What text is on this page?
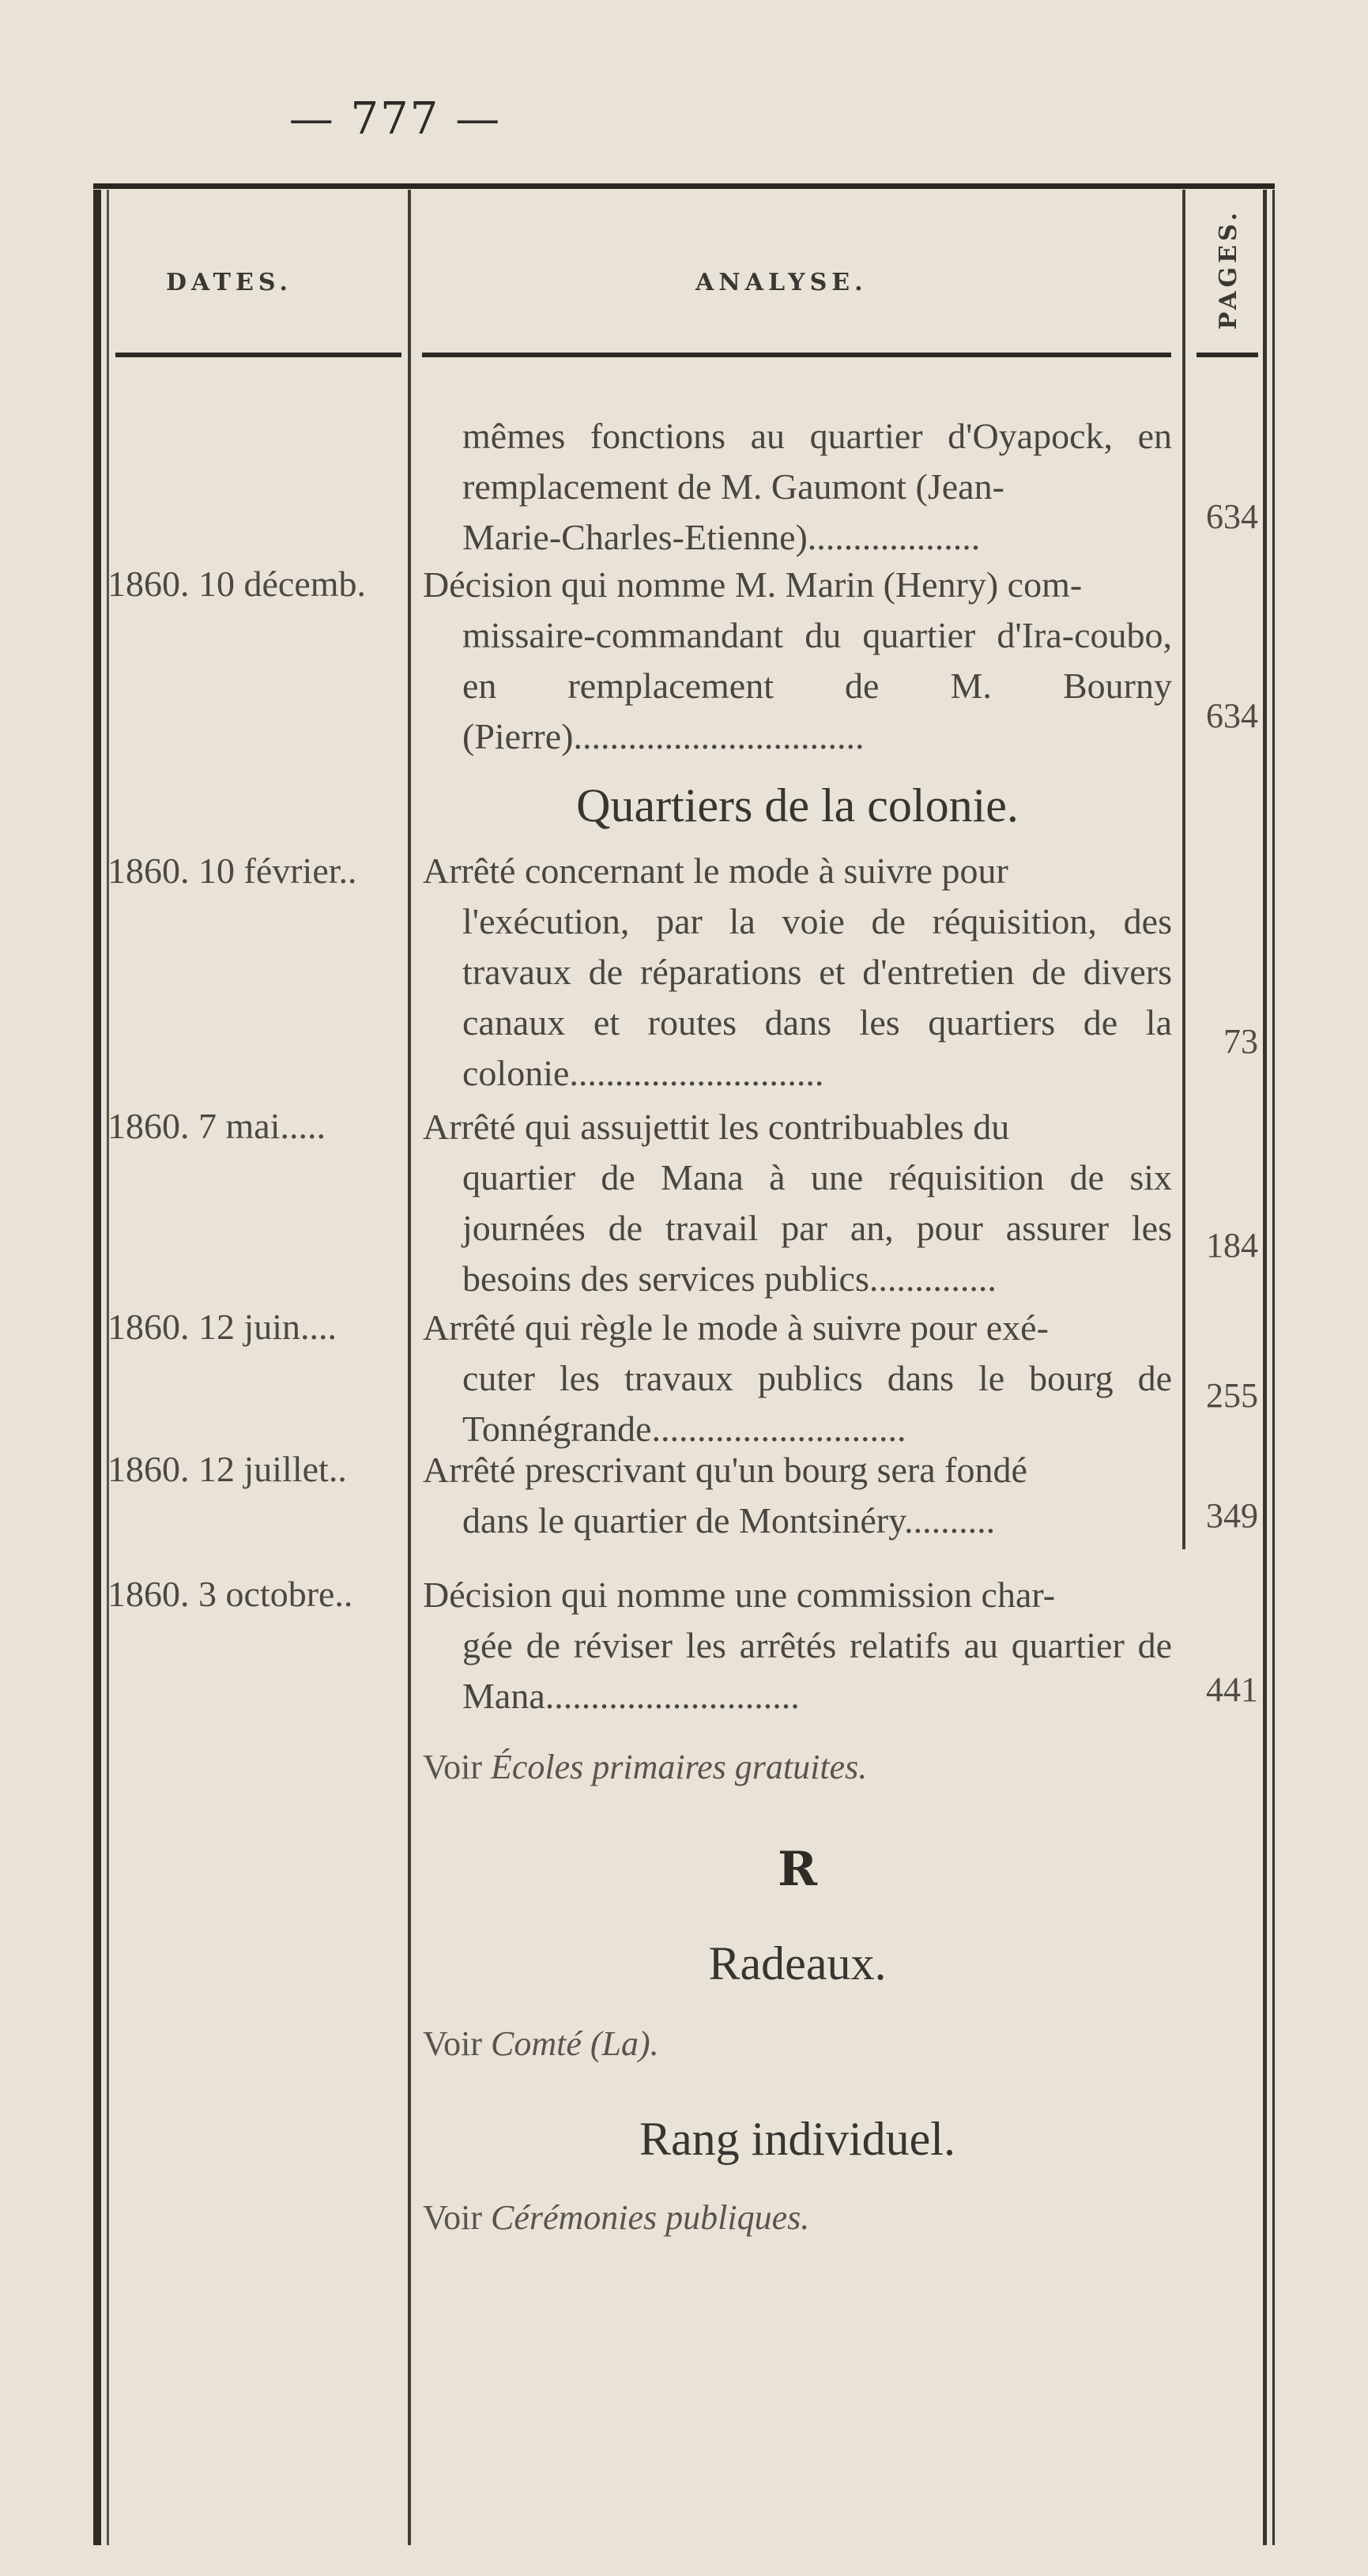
— 777 —
DATES.	ANALYSE.	PAGES.
mêmes fonctions au quartier d'Oyapock, en remplacement de M. Gaumont (Jean-
Marie-Charles-Etienne)...................
634
1860. 10 décemb.	Décision qui nomme M. Marin (Henry) com-
missaire-commandant du quartier d'Ira-coubo, en remplacement de M. Bourny (Pierre)................................
634
Quartiers de la colonie.
1860. 10 février..	Arrêté concernant le mode à suivre pour
l'exécution, par la voie de réquisition, des travaux de réparations et d'entretien de divers canaux et routes dans les quartiers de la colonie............................
73
1860. 7 mai.....	Arrêté qui assujettit les contribuables du
quartier de Mana à une réquisition de six journées de travail par an, pour assurer les besoins des services publics..............
184
1860. 12 juin....	Arrêté qui règle le mode à suivre pour exé-
cuter les travaux publics dans le bourg de Tonnégrande............................
255
1860. 12 juillet..	Arrêté prescrivant qu'un bourg sera fondé
dans le quartier de Montsinéry..........	349
1860. 3 octobre..	Décision qui nomme une commission char-
gée de réviser les arrêtés relatifs au quartier de Mana............................	441
Voir Écoles primaires gratuites.
R
Radeaux.
Voir Comté (La).
Rang individuel.
Voir Cérémonies publiques.
